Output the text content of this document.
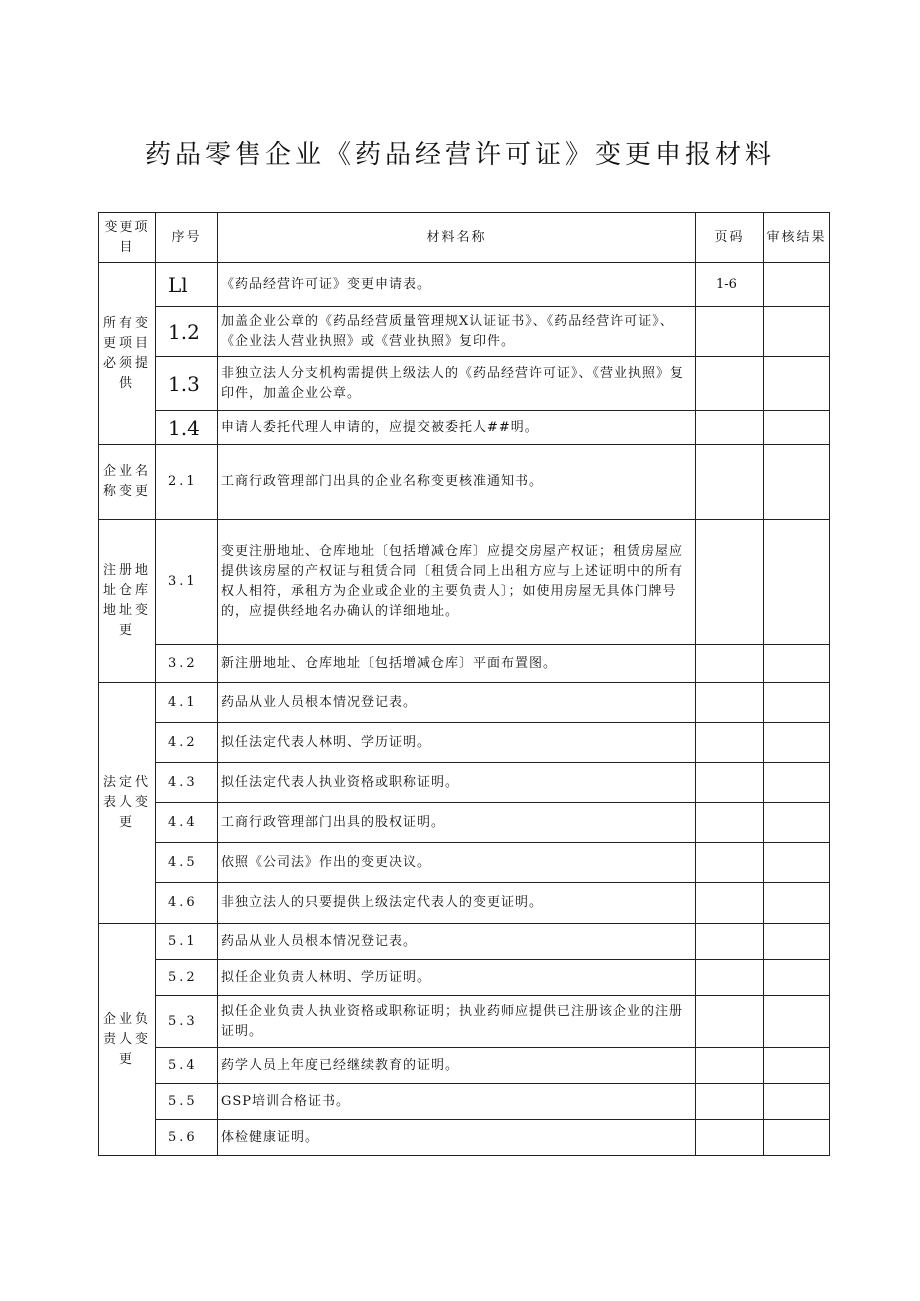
药品零售企业《药品经营许可证》变更申报材料
变更项目	序号	材料名称	页码	审核结果
所有变更项目必须提供	Ll	《药品经营许可证》变更申请表。	1-6	
	1.2	加盖企业公章的《药品经营质量管理规X认证证书》、《药品经营许可证》、《企业法人营业执照》或《营业执照》复印件。		
	1.3	非独立法人分支机构需提供上级法人的《药品经营许可证》、《营业执照》复印件，加盖企业公章。		
	1.4	申请人委托代理人申请的，应提交被委托人##明。		
企业名称变更	2.1	工商行政管理部门出具的企业名称变更核准通知书。		
注册地址仓库地址变更	3.1	变更注册地址、仓库地址〔包括增减仓库〕应提交房屋产权证；租赁房屋应提供该房屋的产权证与租赁合同〔租赁合同上出租方应与上述证明中的所有权人相符，承租方为企业或企业的主要负责人〕；如使用房屋无具体门牌号的，应提供经地名办确认的详细地址。		
	3.2	新注册地址、仓库地址〔包括增减仓库〕平面布置图。		
法定代表人变更	4.1	药品从业人员根本情况登记表。		
	4.2	拟任法定代表人林明、学历证明。		
	4.3	拟任法定代表人执业资格或职称证明。		
	4.4	工商行政管理部门出具的股权证明。		
	4.5	依照《公司法》作出的变更决议。		
	4.6	非独立法人的只要提供上级法定代表人的变更证明。		
企业负责人变更	5.1	药品从业人员根本情况登记表。		
	5.2	拟任企业负责人林明、学历证明。		
	5.3	拟任企业负责人执业资格或职称证明；执业药师应提供已注册该企业的注册证明。		
	5.4	药学人员上年度已经继续教育的证明。		
	5.5	GSP培训合格证书。		
	5.6	体检健康证明。		
